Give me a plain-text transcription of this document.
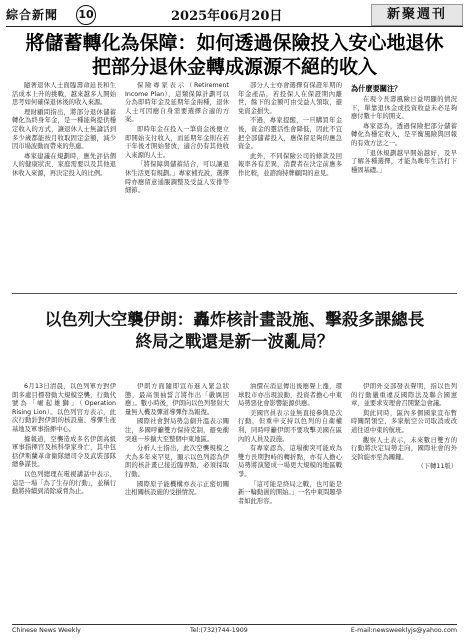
綜合新聞 10	2025年06月20日	新聚週刊
將儲蓄轉化為保障：如何透過保險投入安心地退休
把部分退休金轉成源源不絕的收入

隨著退休人士面臨壽命延長和生活成本上升的挑戰，越來越多人開始思考如何確保退休後的收入來源。

理財顧問指出，將部分退休儲蓄轉化為終身年金，是一種能夠提供穩定收入的方式，讓退休人士無論活到多少歲都能按月收取固定金額，減少因市場波動而帶來的焦慮。

專家建議在規劃時，應先評估個人的健康狀況、家庭需要以及其他退休收入來源，再決定投入的比例。

保險專家表示（Retirement Income Plan），這類保障計劃可以分為即時年金及延期年金兩種，退休人士可因應自身需要選擇合適的方案。

即時年金在投入一筆資金後便立即開始支付收入，而延期年金則在若干年後才開始發放，適合仍有其他收入來源的人士。

「將保障與儲蓄結合，可以讓退休生活更有規劃。」專家補充說，選擇時亦應留意通脹調整及受益人安排等細節。

部分人士亦會選擇有保證年期的年金產品，若投保人在保證期內離世，餘下的金額可由受益人領取，避免資金損失。

不過，專家提醒，一旦購買年金後，資金的靈活性會降低，因此不宜把全部儲蓄投入，應保留足夠的應急資金。

此外，不同保險公司的條款及回報率各有差異，消費者在決定前應多作比較，並諮詢持牌顧問的意見。

為什麼要關注？

在現今長壽風險日益明顯的情況下，單靠退休金或投資收益未必足夠應付數十年的開支。

專家認為，透過保險把部分儲蓄轉化為穩定收入，是平衡風險與回報的有效方法之一。

「退休規劃越早開始越好，及早了解各種選擇，才能為晚年生活打下穩固基礎。」

以色列大空襲伊朗：轟炸核計畫設施、擊殺多課總長
終局之戰還是新一波亂局？

6月13日清晨，以色列軍方對伊朗多處目標發動大規模空襲，行動代號為「崛起雄獅」（Operation Rising Lion）。以色列官方表示，此次行動針對伊朗的核設施、導彈生產基地及軍事指揮中心。

據報道，空襲造成多名伊朗高級軍事指揮官及核科學家身亡，其中包括伊斯蘭革命衛隊總司令及武裝部隊總參謀長。

以色列總理在電視講話中表示，這是一場「為了生存的行動」，並稱行動將持續到消除威脅為止。

伊朗方面隨即宣布進入緊急狀態，最高領袖誓言將作出「嚴厲回應」。數小時後，伊朗向以色列發射大量無人機及彈道導彈作為報復。

國際社會對局勢急劇升溫表示關注，多國呼籲雙方保持克制，避免衝突進一步擴大至整個中東地區。

分析人士指出，此次空襲規模之大為多年來罕見，顯示以色列認為伊朗的核計畫已接近臨界點，必須採取行動。

國際原子能機構亦表示正密切關注相關核設施的受損情況。

油價在消息傳出後應聲上漲，環球股市亦出現波動，投資者擔心中東局勢惡化會影響能源供應。

美國官員表示並無直接參與是次行動，但重申支持以色列的自衛權利，同時呼籲伊朗不要攻擊美國在區內的人員及設施。

有專家認為，這場衝突可能成為雙方長期對峙的轉折點，亦有人擔心局勢將演變成一場更大規模的地區戰爭。

「這可能是終局之戰，也可能是新一輪動盪的開始。」一名中東問題學者如此形容。

伊朗外交部發表聲明，指以色列的行動嚴重違反國際法及聯合國憲章，並要求安理會召開緊急會議。

與此同時，區內多個國家宣布暫時關閉領空，多家航空公司取消或改道往返中東的航班。

觀察人士表示，未來數日雙方的行動將決定局勢走向，國際社會的外交斡旋亦至為關鍵。

（下轉11版）

Chinese News Weekly	Tel:(732)744-1909	E-mail:newsweeklyjs@yahoo.com
